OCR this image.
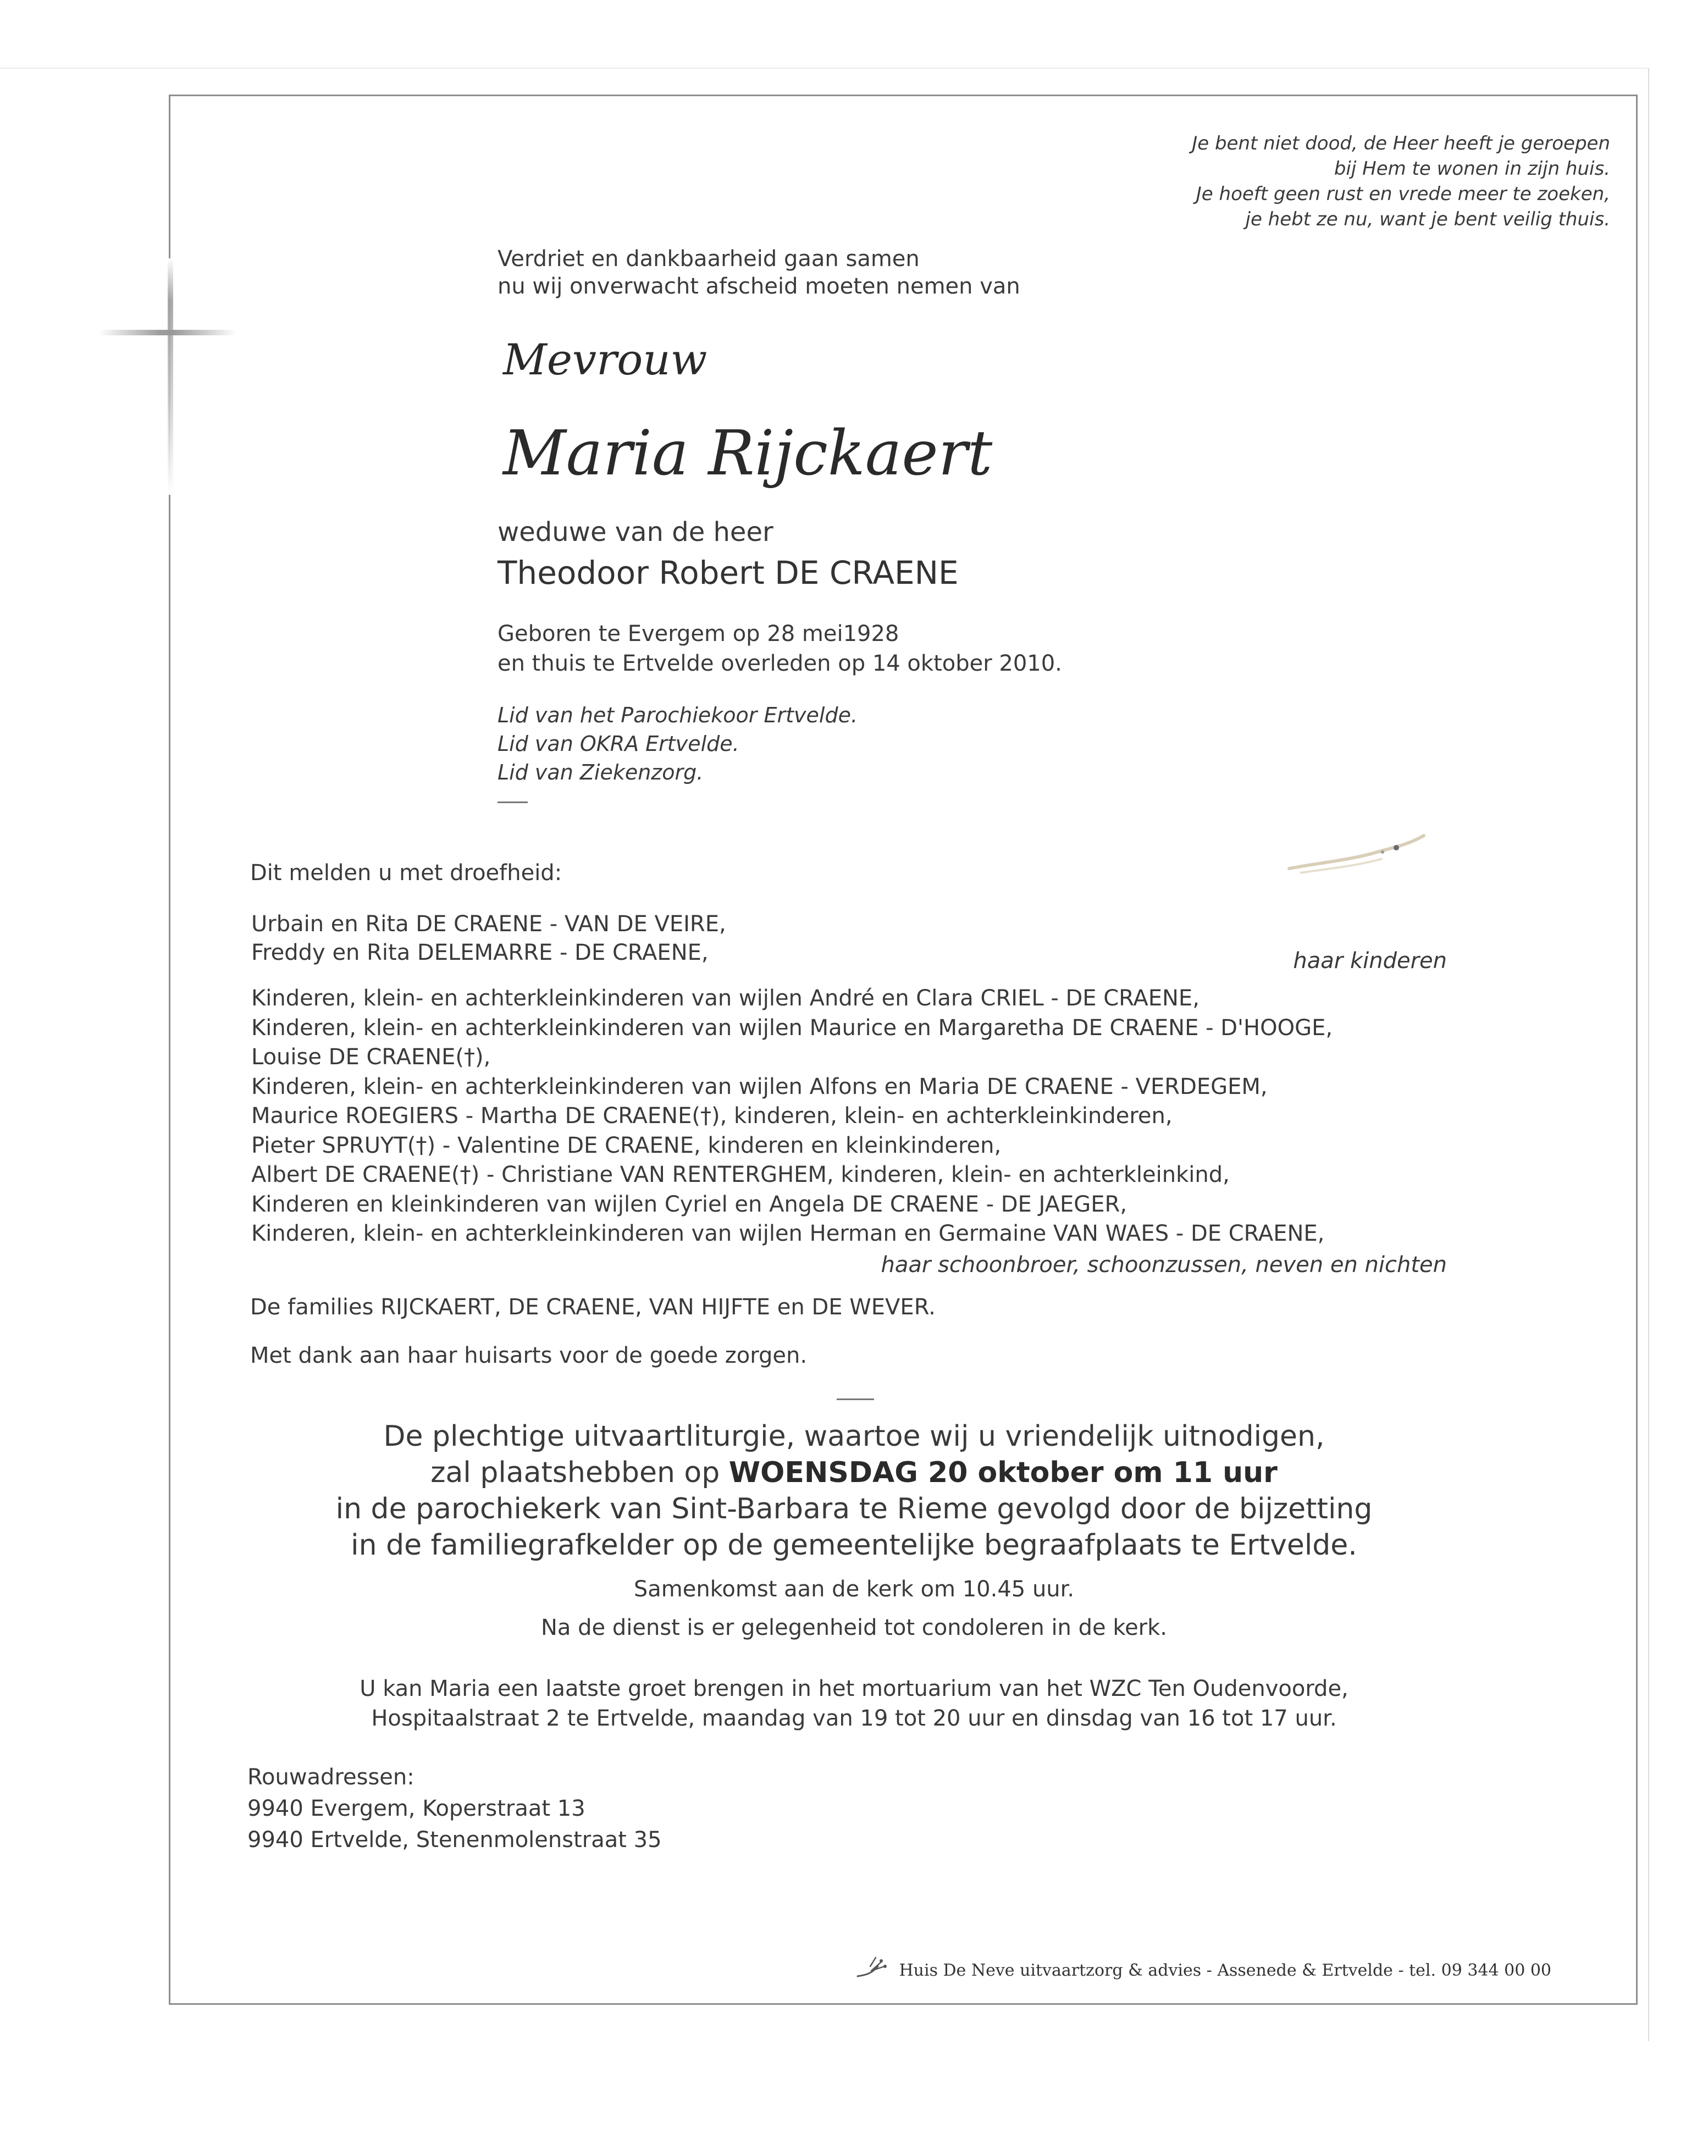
Je bent niet dood, de Heer heeft je geroepen
bij Hem te wonen in zijn huis.
Je hoeft geen rust en vrede meer te zoeken,
je hebt ze nu, want je bent veilig thuis.
Verdriet en dankbaarheid gaan samen
nu wij onverwacht afscheid moeten nemen van
Mevrouw
Maria Rijckaert
weduwe van de heer
Theodoor Robert DE CRAENE
Geboren te Evergem op 28 mei1928
en thuis te Ertvelde overleden op 14 oktober 2010.
Lid van het Parochiekoor Ertvelde.
Lid van OKRA Ertvelde.
Lid van Ziekenzorg.
Dit melden u met droefheid:
Urbain en Rita DE CRAENE - VAN DE VEIRE,
Freddy en Rita DELEMARRE - DE CRAENE,	haar kinderen
Kinderen, klein- en achterkleinkinderen van wijlen André en Clara CRIEL - DE CRAENE,
Kinderen, klein- en achterkleinkinderen van wijlen Maurice en Margaretha DE CRAENE - D'HOOGE,
Louise DE CRAENE(†),
Kinderen, klein- en achterkleinkinderen van wijlen Alfons en Maria DE CRAENE - VERDEGEM,
Maurice ROEGIERS - Martha DE CRAENE(†), kinderen, klein- en achterkleinkinderen,
Pieter SPRUYT(†) - Valentine DE CRAENE, kinderen en kleinkinderen,
Albert DE CRAENE(†) - Christiane VAN RENTERGHEM, kinderen, klein- en achterkleinkind,
Kinderen en kleinkinderen van wijlen Cyriel en Angela DE CRAENE - DE JAEGER,
Kinderen, klein- en achterkleinkinderen van wijlen Herman en Germaine VAN WAES - DE CRAENE,
haar schoonbroer, schoonzussen, neven en nichten
De families RIJCKAERT, DE CRAENE, VAN HIJFTE en DE WEVER.
Met dank aan haar huisarts voor de goede zorgen.
De plechtige uitvaartliturgie, waartoe wij u vriendelijk uitnodigen,
zal plaatshebben op WOENSDAG 20 oktober om 11 uur
in de parochiekerk van Sint-Barbara te Rieme gevolgd door de bijzetting
in de familiegrafkelder op de gemeentelijke begraafplaats te Ertvelde.
Samenkomst aan de kerk om 10.45 uur.
Na de dienst is er gelegenheid tot condoleren in de kerk.
U kan Maria een laatste groet brengen in het mortuarium van het WZC Ten Oudenvoorde,
Hospitaalstraat 2 te Ertvelde, maandag van 19 tot 20 uur en dinsdag van 16 tot 17 uur.
Rouwadressen:
9940 Evergem, Koperstraat 13
9940 Ertvelde, Stenenmolenstraat 35
Huis De Neve uitvaartzorg & advies - Assenede & Ertvelde - tel. 09 344 00 00
